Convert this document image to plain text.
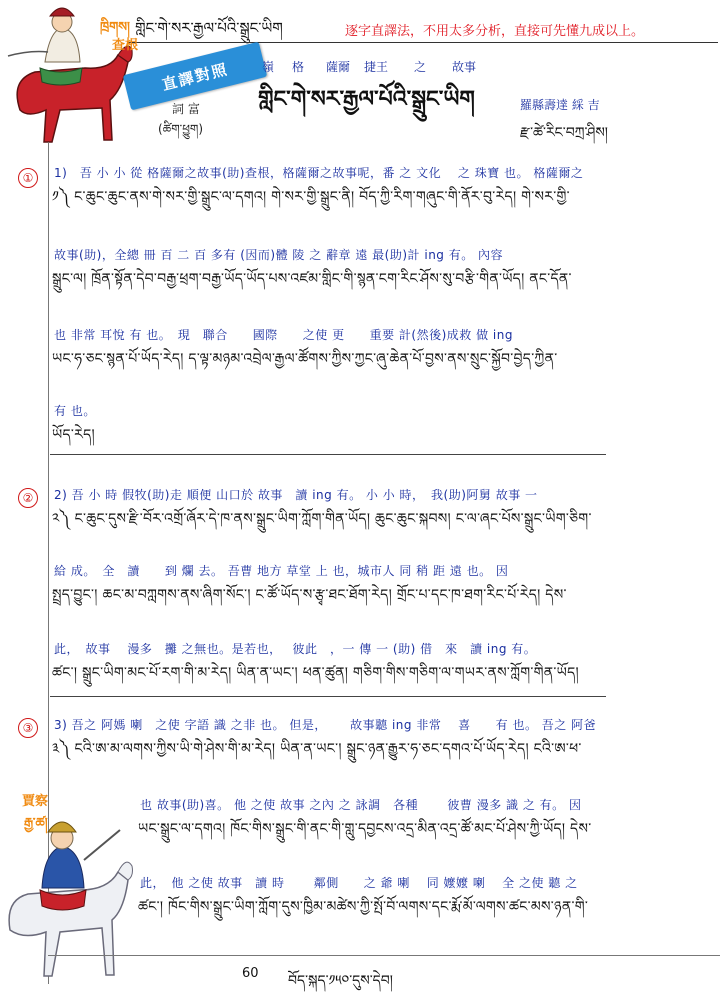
གླིང་གེ་སར་རྒྱལ་པོའི་སྒྲུང་ཡིག	逐字直譯法，不用太多分析，直接可先懂九成以上。
ཁྲིགས།
查根
直譯對照	嶺 格 薩爾 捷王 之 故事
གླིང་གེ་སར་རྒྱལ་པོའི་སྒྲུང་ཡིག
詞 富
(ཚིག་ཕྱུག)
羅縣壽達 綵 吉
རྫ་ཚེ་རིང་བཀྲ་ཤིས།
①	1)　吾 小 小 從 格薩爾之故事(助)查根，格薩爾之故事呢，番 之 文化　 之 珠寶 也。 格薩爾之
༡༽ ང་ཆུང་ཆུང་ནས་གེ་སར་གྱི་སྒྲུང་ལ་དགའ། གེ་སར་གྱི་སྒྲུང་ནི། བོད་ཀྱི་རིག་གཞུང་གི་ནོར་བུ་རེད། གེ་སར་གྱི་
故事(助)，全總 冊 百 二 百 多有 (因而)體 陵 之 辭章 遠 最(助)計 ing 有。 內容
སྒྲུང་ལ། ཁྲོན་སྟོན་དེབ་བརྒྱ་ཕྲག་བརྒྱ་ཡོད་ཡོད་པས་འཛམ་གླིང་གི་སྙན་ངག་རིང་ཤོས་སུ་བརྩི་གིན་ཡོད། ནང་དོན་
也 非常 耳悅 有 也。　現　聯合　　國際　　之使 更　　重要 計(然後)成救 做 ing
ཡང་ཧ་ཅང་སྙན་པོ་ཡོད་རེད། ད་ལྟ་མཉམ་འབྲེལ་རྒྱལ་ཚོགས་ཀྱིས་ཀྱང་ཞུ་ཆེན་པོ་བྱས་ནས་སྲུང་སྐྱོབ་བྱེད་ཀྱིན་
有 也。
ཡོད་རེད།
②	2) 吾 小 時 假牧(助)走 順便 山口於 故事　讀 ing 有。 小 小 時，　我(助)阿舅 故事 一
༢༽ ང་ཆུང་དུས་རྫི་བོར་འགྲོ་ཞོར་དེ་ཁ་ནས་སྒྲུང་ཡིག་ཀློག་གིན་ཡོད། ཆུང་ཆུང་སྐབས། ང་ལ་ཞང་པོས་སྒྲུང་ཡིག་ཅིག་
給 成。　全　讀　　到 爛 去。 吾曹 地方 草堂 上 也，城市人 同 稍 距 遠 也。 因
སྤྲད་བྱུང་། ཆང་མ་བཀླགས་ནས་ཞིག་སོང་། ང་ཚོ་ཡོད་ས་རྩྭ་ཐང་ཐོག་རེད། གྲོང་པ་དང་ཁ་ཐག་རིང་པོ་རེད། དེས་
此，　故事　 漫多　攤 之無也。是若也，　 彼此　，一 傳 一 (助) 借　來　讀 ing 有。
ཚང་། སྒྲུང་ཡིག་མང་པོ་རག་གི་མ་རེད། ཡིན་ན་ཡང་། ཕན་ཚུན། གཅིག་གིས་གཅིག་ལ་གཡར་ནས་ཀློག་གིན་ཡོད།
③	3) 吾之 阿媽 喇　之使 字語 識 之非 也。 但是，　　 故事聽 ing 非常　 喜　　有 也。 吾之 阿爸
༣༽ ངའི་ཨ་མ་ལགས་ཀྱིས་ཡི་གེ་ཤེས་གི་མ་རེད། ཡིན་ན་ཡང་། སྒྲུང་ཉན་རྒྱུར་ཧ་ཅང་དགའ་པོ་ཡོད་རེད། ངའི་ཨ་ཕ་
也 故事(助)喜。 他 之使 故事 之內 之 詠調　各種　　 彼曹 漫多 識 之 有。 因
ཡང་སྒྲུང་ལ་དགའ། ཁོང་གིས་སྒྲུང་གི་ནང་གི་གླུ་དབྱངས་འདྲ་མིན་འདྲ་ཚོ་མང་པོ་ཤེས་ཀྱི་ཡོད། དེས་
此，　他 之使 故事　讀 時　　 鄰側　　之 爺 喇　 同 嬤嬤 喇　 全 之使 聽 之
ཚང་། ཁོང་གིས་སྒྲུང་ཡིག་ཀློག་དུས་ཁྱིམ་མཚེས་ཀྱི་སྤོ་བོ་ལགས་དང་རྨོ་མོ་ལགས་ཚང་མས་ཉན་གི་
賈察
རྒྱ་ཚ།
60 བོད་སྐད་༡༥༠་དུས་དེབ།
